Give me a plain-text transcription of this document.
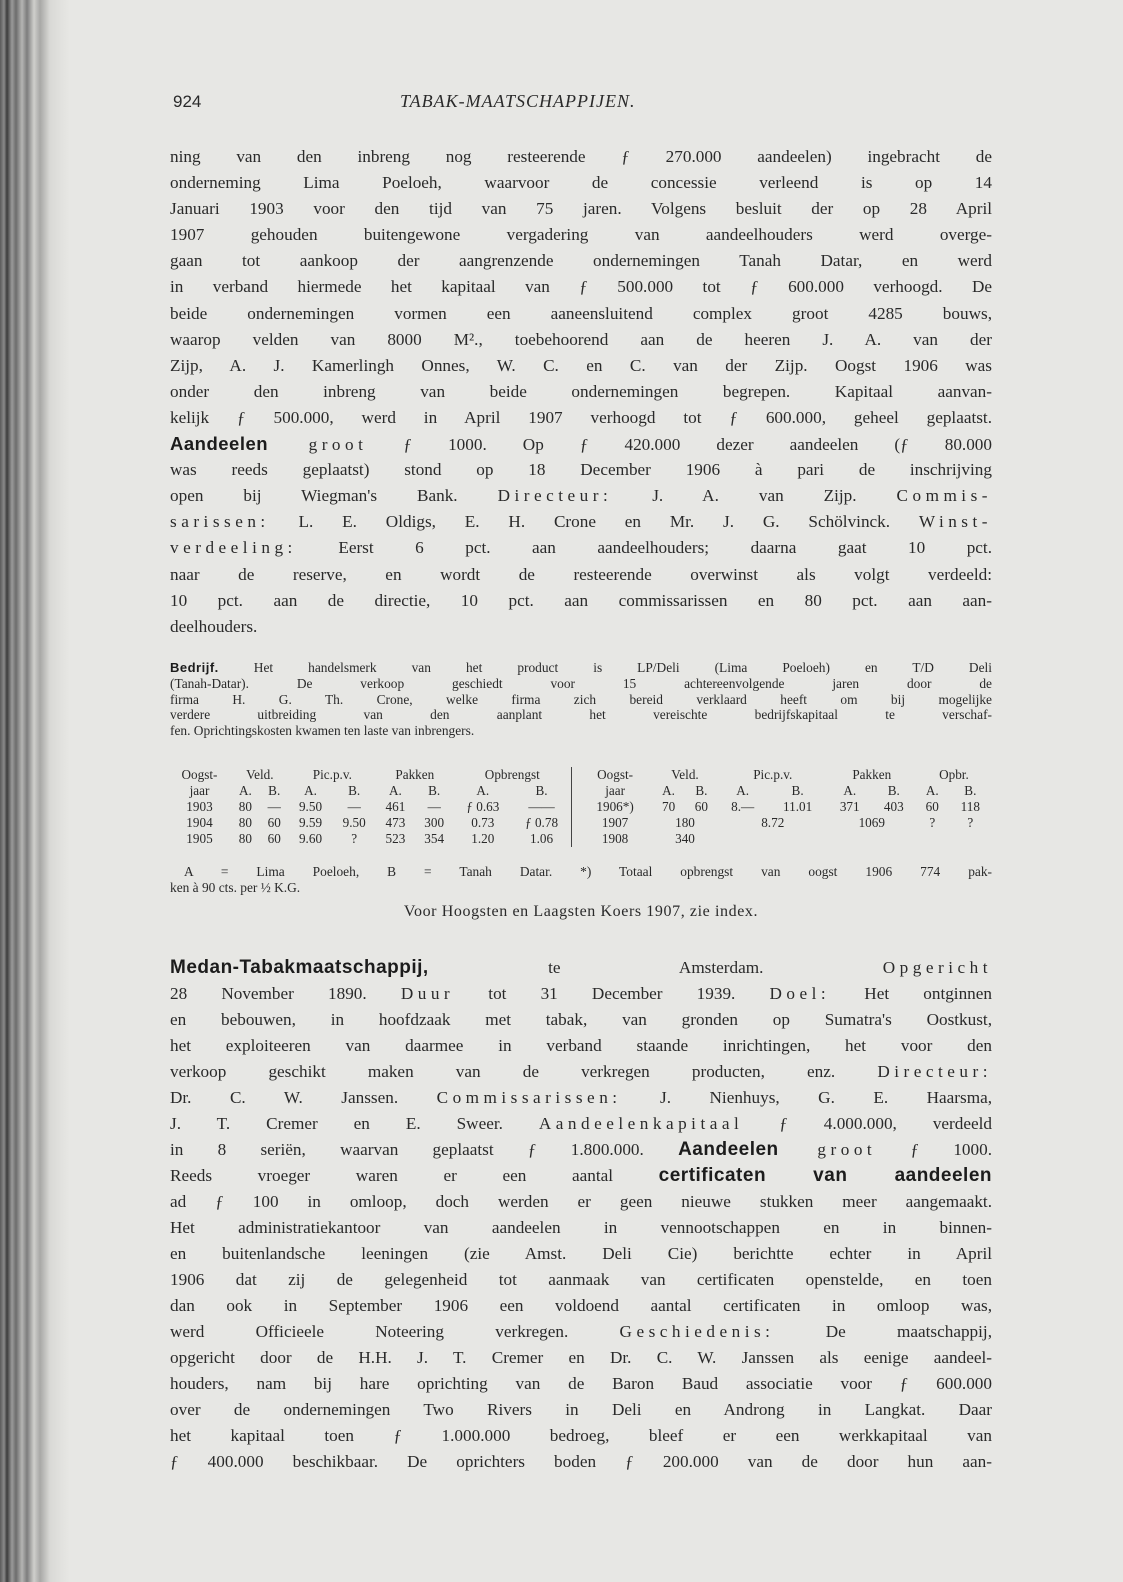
924	TABAK-MAATSCHAPPIJEN.
ning van den inbreng nog resteerende ƒ 270.000 aandeelen) ingebracht de
onderneming Lima Poeloeh, waarvoor de concessie verleend is op 14
Januari 1903 voor den tijd van 75 jaren. Volgens besluit der op 28 April
1907 gehouden buitengewone vergadering van aandeelhouders werd overge-
gaan tot aankoop der aangrenzende ondernemingen Tanah Datar, en werd
in verband hiermede het kapitaal van ƒ 500.000 tot ƒ 600.000 verhoogd. De
beide ondernemingen vormen een aaneensluitend complex groot 4285 bouws,
waarop velden van 8000 M²., toebehoorend aan de heeren J. A. van der
Zijp, A. J. Kamerlingh Onnes, W. C. en C. van der Zijp. Oogst 1906 was
onder den inbreng van beide ondernemingen begrepen. Kapitaal aanvan-
kelijk ƒ 500.000, werd in April 1907 verhoogd tot ƒ 600.000, geheel geplaatst.
Aandeelen groot ƒ 1000. Op ƒ 420.000 dezer aandeelen (ƒ 80.000
was reeds geplaatst) stond op 18 December 1906 à pari de inschrijving
open bij Wiegman's Bank. Directeur: J. A. van Zijp. Commis-
sarissen: L. E. Oldigs, E. H. Crone en Mr. J. G. Schölvinck. Winst-
verdeeling: Eerst 6 pct. aan aandeelhouders; daarna gaat 10 pct.
naar de reserve, en wordt de resteerende overwinst als volgt verdeeld:
10 pct. aan de directie, 10 pct. aan commissarissen en 80 pct. aan aan-
deelhouders.
Bedrijf. Het handelsmerk van het product is LP/Deli (Lima Poeloeh) en T/D Deli
(Tanah-Datar). De verkoop geschiedt voor 15 achtereenvolgende jaren door de
firma H. G. Th. Crone, welke firma zich bereid verklaard heeft om bij mogelijke
verdere uitbreiding van den aanplant het vereischte bedrijfskapitaal te verschaf-
fen. Oprichtingskosten kwamen ten laste van inbrengers.
Oogst-	Veld.		Pic.p.v.		Pakken		Opbrengst	
jaar	A.	B.	A.	B.	A.	B.	A.	B.
1903	80	—	9.50	—	461	—	ƒ 0.63	——
1904	80	60	9.59	9.50	473	300	0.73	ƒ 0.78
1905	80	60	9.60	?	523	354	1.20	1.06
Oogst-	Veld.		Pic.p.v.		Pakken		Opbr.	
jaar	A.	B.	A.	B.	A.	B.	A.	B.
1906*)	70	60	8.—	11.01	371	403	60	118
1907	180		8.72		1069		?	?
1908	340							
A = Lima Poeloeh, B = Tanah Datar. *) Totaal opbrengst van oogst 1906 774 pak-
ken à 90 cts. per ½ K.G.
Voor Hoogsten en Laagsten Koers 1907, zie index.
Medan-Tabakmaatschappij, te Amsterdam. Opgericht
28 November 1890. Duur tot 31 December 1939. Doel: Het ontginnen
en bebouwen, in hoofdzaak met tabak, van gronden op Sumatra's Oostkust,
het exploiteeren van daarmee in verband staande inrichtingen, het voor den
verkoop geschikt maken van de verkregen producten, enz. Directeur:
Dr. C. W. Janssen. Commissarissen: J. Nienhuys, G. E. Haarsma,
J. T. Cremer en E. Sweer. Aandeelenkapitaal ƒ 4.000.000, verdeeld
in 8 seriën, waarvan geplaatst ƒ 1.800.000. Aandeelen groot ƒ 1000.
Reeds vroeger waren er een aantal certificaten van aandeelen
ad ƒ 100 in omloop, doch werden er geen nieuwe stukken meer aangemaakt.
Het administratiekantoor van aandeelen in vennootschappen en in binnen-
en buitenlandsche leeningen (zie Amst. Deli Cie) berichtte echter in April
1906 dat zij de gelegenheid tot aanmaak van certificaten openstelde, en toen
dan ook in September 1906 een voldoend aantal certificaten in omloop was,
werd Officieele Noteering verkregen. Geschiedenis: De maatschappij,
opgericht door de H.H. J. T. Cremer en Dr. C. W. Janssen als eenige aandeel-
houders, nam bij hare oprichting van de Baron Baud associatie voor ƒ 600.000
over de ondernemingen Two Rivers in Deli en Androng in Langkat. Daar
het kapitaal toen ƒ 1.000.000 bedroeg, bleef er een werkkapitaal van
ƒ 400.000 beschikbaar. De oprichters boden ƒ 200.000 van de door hun aan-
